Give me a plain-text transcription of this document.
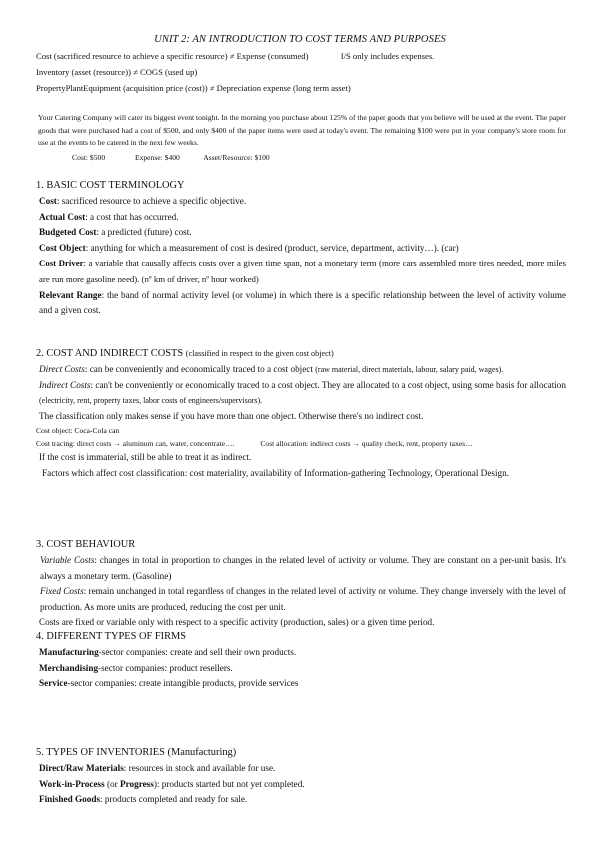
UNIT 2: AN INTRODUCTION TO COST TERMS AND PURPOSES
Cost (sacrificed resource to achieve a specific resource) ≠ Expense (consumed)	I/S only includes expenses.
Inventory (asset (resource)) ≠ COGS (used up)
PropertyPlantEquipment (acquisition price (cost)) ≠ Depreciation expense (long term asset)
Your Catering Company will cater its biggest event tonight. In the morning you purchase about 125% of the paper goods that you believe will be used at the event. The paper goods that were purchased had a cost of $500, and only $400 of the paper items were used at today's event. The remaining $100 were put in your company's store room for use at the events to be catered in the next few weeks.
Cost: $500	Expense: $400	Asset/Resource: $100
1. BASIC COST TERMINOLOGY
Cost: sacrificed resource to achieve a specific objective.
Actual Cost: a cost that has occurred.
Budgeted Cost: a predicted (future) cost.
Cost Object: anything for which a measurement of cost is desired (product, service, department, activity…). (car)
Cost Driver: a variable that causally affects costs over a given time span, not a monetary term (more cars assembled more tires needed, more miles are run more gasoline need). (nº km of driver, nº hour worked)
Relevant Range: the band of normal activity level (or volume) in which there is a specific relationship between the level of activity volume and a given cost.
2. COST AND INDIRECT COSTS (classified in respect to the given cost object)
Direct Costs: can be conveniently and economically traced to a cost object (raw material, direct materials, labour, salary paid, wages).
Indirect Costs: can't be conveniently or economically traced to a cost object. They are allocated to a cost object, using some basis for allocation (electricity, rent, property taxes, labor costs of engineers/supervisors).
The classification only makes sense if you have more than one object. Otherwise there's no indirect cost.
Cost object: Coca-Cola can
Cost tracing: direct costs → aluminum can, water, concentrate….	Cost allocation: indirect costs → quality check, rent, property taxes…
If the cost is immaterial, still be able to treat it as indirect.
Factors which affect cost classification: cost materiality, availability of Information-gathering Technology, Operational Design.
3. COST BEHAVIOUR
Variable Costs: changes in total in proportion to changes in the related level of activity or volume. They are constant on a per-unit basis. It's always a monetary term. (Gasoline)
Fixed Costs: remain unchanged in total regardless of changes in the related level of activity or volume. They change inversely with the level of production. As more units are produced, reducing the cost per unit.
Costs are fixed or variable only with respect to a specific activity (production, sales) or a given time period.
4. DIFFERENT TYPES OF FIRMS
Manufacturing-sector companies: create and sell their own products.
Merchandising-sector companies: product resellers.
Service-sector companies: create intangible products, provide services
5. TYPES OF INVENTORIES (Manufacturing)
Direct/Raw Materials: resources in stock and available for use.
Work-in-Process (or Progress): products started but not yet completed.
Finished Goods: products completed and ready for sale.
